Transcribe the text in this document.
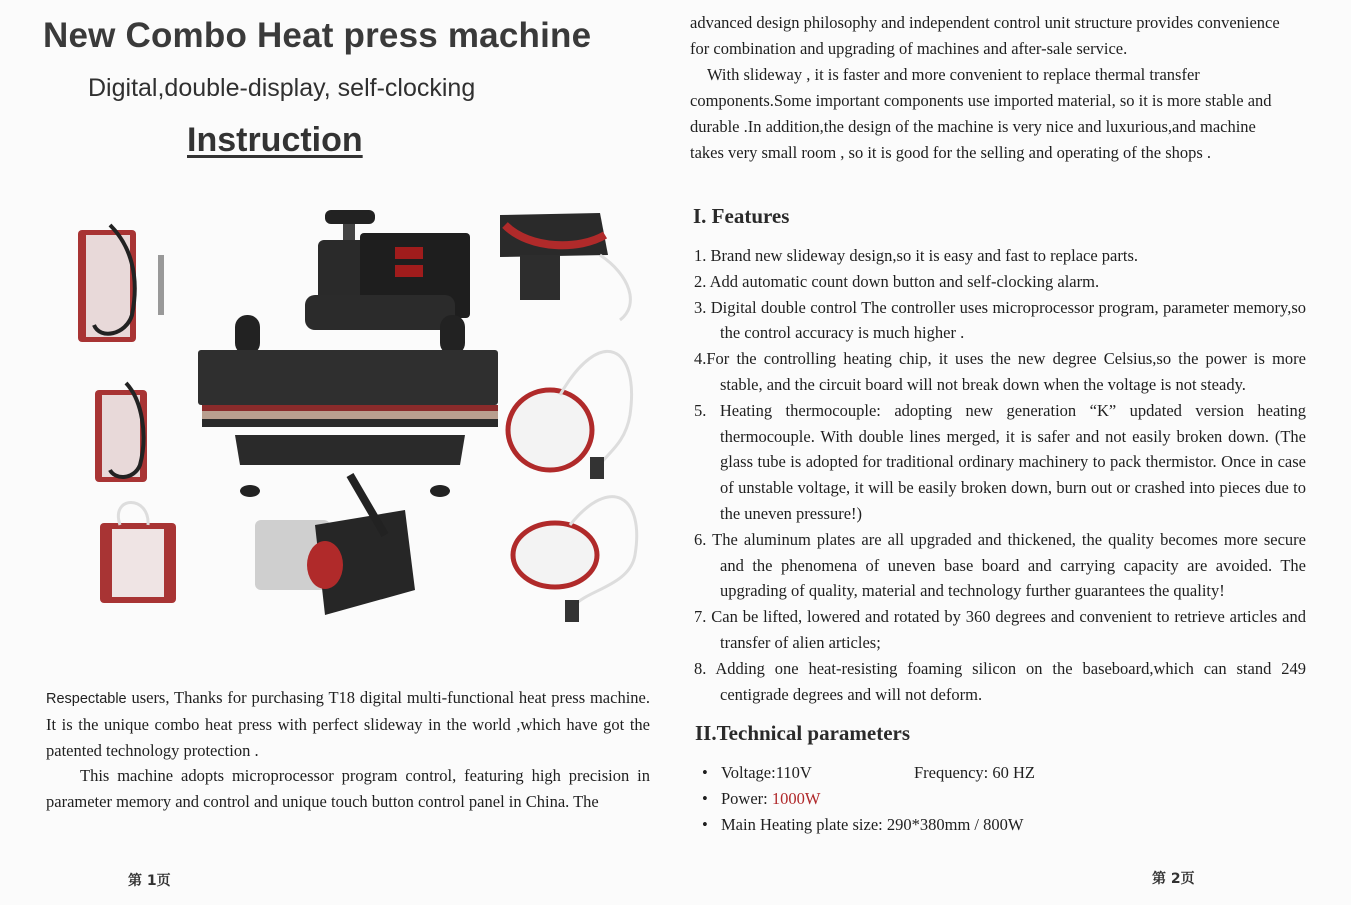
New Combo Heat press machine
Digital,double-display, self-clocking
Instruction
Respectable users, Thanks for purchasing T18 digital multi-functional heat press machine. It is the unique combo heat press with perfect slideway in the world ,which have got the patented technology protection .
This machine adopts microprocessor program control, featuring high precision in parameter memory and control and unique touch button control panel in China. The
第 1页
advanced design philosophy and independent control unit structure provides convenience for combination and upgrading of machines and after-sale service.
With slideway , it is faster and more convenient to replace thermal transfer components.Some important components use imported material, so it is more stable and durable .In addition,the design of the machine is very nice and luxurious,and machine takes very small room , so it is good for the selling and operating of the shops .
I. Features
1. Brand new slideway design,so it is easy and fast to replace parts.
2. Add automatic count down button and self-clocking alarm.
3. Digital double control The controller uses microprocessor program, parameter memory,so the control accuracy is much higher .
4.For the controlling heating chip, it uses the new degree Celsius,so the power is more stable, and the circuit board will not break down when the voltage is not steady.
5. Heating thermocouple: adopting new generation “K” updated version heating thermocouple. With double lines merged, it is safer and not easily broken down. (The glass tube is adopted for traditional ordinary machinery to pack thermistor. Once in case of unstable voltage, it will be easily broken down, burn out or crashed into pieces due to the uneven pressure!)
6. The aluminum plates are all upgraded and thickened, the quality becomes more secure and the phenomena of uneven base board and carrying capacity are avoided. The upgrading of quality, material and technology further guarantees the quality!
7. Can be lifted, lowered and rotated by 360 degrees and convenient to retrieve articles and transfer of alien articles;
8. Adding one heat-resisting foaming silicon on the baseboard,which can stand 249 centigrade degrees and will not deform.
II.Technical parameters
• Voltage:110V	Frequency: 60 HZ
• Power: 1000W
• Main Heating plate size: 290*380mm / 800W
第 2页
